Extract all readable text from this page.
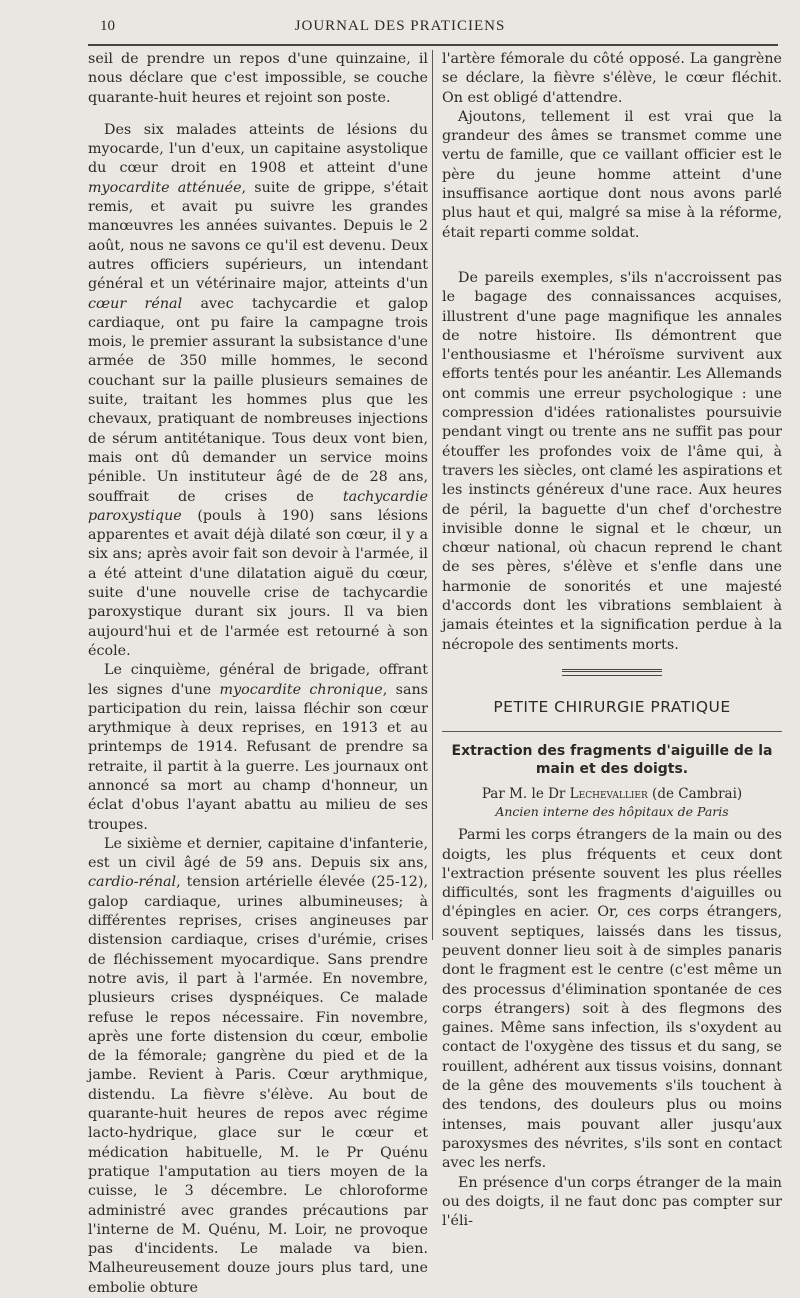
10	JOURNAL DES PRATICIENS

seil de prendre un repos d'une quinzaine, il nous déclare que c'est impossible, se couche quarante-huit heures et rejoint son poste.

Des six malades atteints de lésions du myocarde, l'un d'eux, un capitaine asystolique du cœur droit en 1908 et atteint d'une myocardite atténuée, suite de grippe, s'était remis, et avait pu suivre les grandes manœuvres les années suivantes. Depuis le 2 août, nous ne savons ce qu'il est devenu. Deux autres officiers supérieurs, un intendant général et un vétérinaire major, atteints d'un cœur rénal avec tachycardie et galop cardiaque, ont pu faire la campagne trois mois, le premier assurant la subsistance d'une armée de 350 mille hommes, le second couchant sur la paille plusieurs semaines de suite, traitant les hommes plus que les chevaux, pratiquant de nombreuses injections de sérum antitétanique. Tous deux vont bien, mais ont dû demander un service moins pénible. Un instituteur âgé de de 28 ans, souffrait de crises de tachycardie paroxystique (pouls à 190) sans lésions apparentes et avait déjà dilaté son cœur, il y a six ans; après avoir fait son devoir à l'armée, il a été atteint d'une dilatation aiguë du cœur, suite d'une nouvelle crise de tachycardie paroxystique durant six jours. Il va bien aujourd'hui et de l'armée est retourné à son école.

Le cinquième, général de brigade, offrant les signes d'une myocardite chronique, sans participation du rein, laissa fléchir son cœur arythmique à deux reprises, en 1913 et au printemps de 1914. Refusant de prendre sa retraite, il partit à la guerre. Les journaux ont annoncé sa mort au champ d'honneur, un éclat d'obus l'ayant abattu au milieu de ses troupes.

Le sixième et dernier, capitaine d'infanterie, est un civil âgé de 59 ans. Depuis six ans, cardio-rénal, tension artérielle élevée (25-12), galop cardiaque, urines albumineuses; à différentes reprises, crises angineuses par distension cardiaque, crises d'urémie, crises de fléchissement myocardique. Sans prendre notre avis, il part à l'armée. En novembre, plusieurs crises dyspnéiques. Ce malade refuse le repos nécessaire. Fin novembre, après une forte distension du cœur, embolie de la fémorale; gangrène du pied et de la jambe. Revient à Paris. Cœur arythmique, distendu. La fièvre s'élève. Au bout de quarante-huit heures de repos avec régime lacto-hydrique, glace sur le cœur et médication habituelle, M. le Pr Quénu pratique l'amputation au tiers moyen de la cuisse, le 3 décembre. Le chloroforme administré avec grandes précautions par l'interne de M. Quénu, M. Loir, ne provoque pas d'incidents. Le malade va bien. Malheureusement douze jours plus tard, une embolie obture

l'artère fémorale du côté opposé. La gangrène se déclare, la fièvre s'élève, le cœur fléchit. On est obligé d'attendre.

Ajoutons, tellement il est vrai que la grandeur des âmes se transmet comme une vertu de famille, que ce vaillant officier est le père du jeune homme atteint d'une insuffisance aortique dont nous avons parlé plus haut et qui, malgré sa mise à la réforme, était reparti comme soldat.

De pareils exemples, s'ils n'accroissent pas le bagage des connaissances acquises, illustrent d'une page magnifique les annales de notre histoire. Ils démontrent que l'enthousiasme et l'héroïsme survivent aux efforts tentés pour les anéantir. Les Allemands ont commis une erreur psychologique : une compression d'idées rationalistes poursuivie pendant vingt ou trente ans ne suffit pas pour étouffer les profondes voix de l'âme qui, à travers les siècles, ont clamé les aspirations et les instincts généreux d'une race. Aux heures de péril, la baguette d'un chef d'orchestre invisible donne le signal et le chœur, un chœur national, où chacun reprend le chant de ses pères, s'élève et s'enfle dans une harmonie de sonorités et une majesté d'accords dont les vibrations semblaient à jamais éteintes et la signification perdue à la nécropole des sentiments morts.

PETITE CHIRURGIE PRATIQUE
Extraction des fragments d'aiguille de la main et des doigts.
Par M. le Dr Lechevallier (de Cambrai)
Ancien interne des hôpitaux de Paris

Parmi les corps étrangers de la main ou des doigts, les plus fréquents et ceux dont l'extraction présente souvent les plus réelles difficultés, sont les fragments d'aiguilles ou d'épingles en acier. Or, ces corps étrangers, souvent septiques, laissés dans les tissus, peuvent donner lieu soit à de simples panaris dont le fragment est le centre (c'est même un des processus d'élimination spontanée de ces corps étrangers) soit à des flegmons des gaines. Même sans infection, ils s'oxydent au contact de l'oxygène des tissus et du sang, se rouillent, adhérent aux tissus voisins, donnant de la gêne des mouvements s'ils touchent à des tendons, des douleurs plus ou moins intenses, mais pouvant aller jusqu'aux paroxysmes des névrites, s'ils sont en contact avec les nerfs.

En présence d'un corps étranger de la main ou des doigts, il ne faut donc pas compter sur l'éli-
